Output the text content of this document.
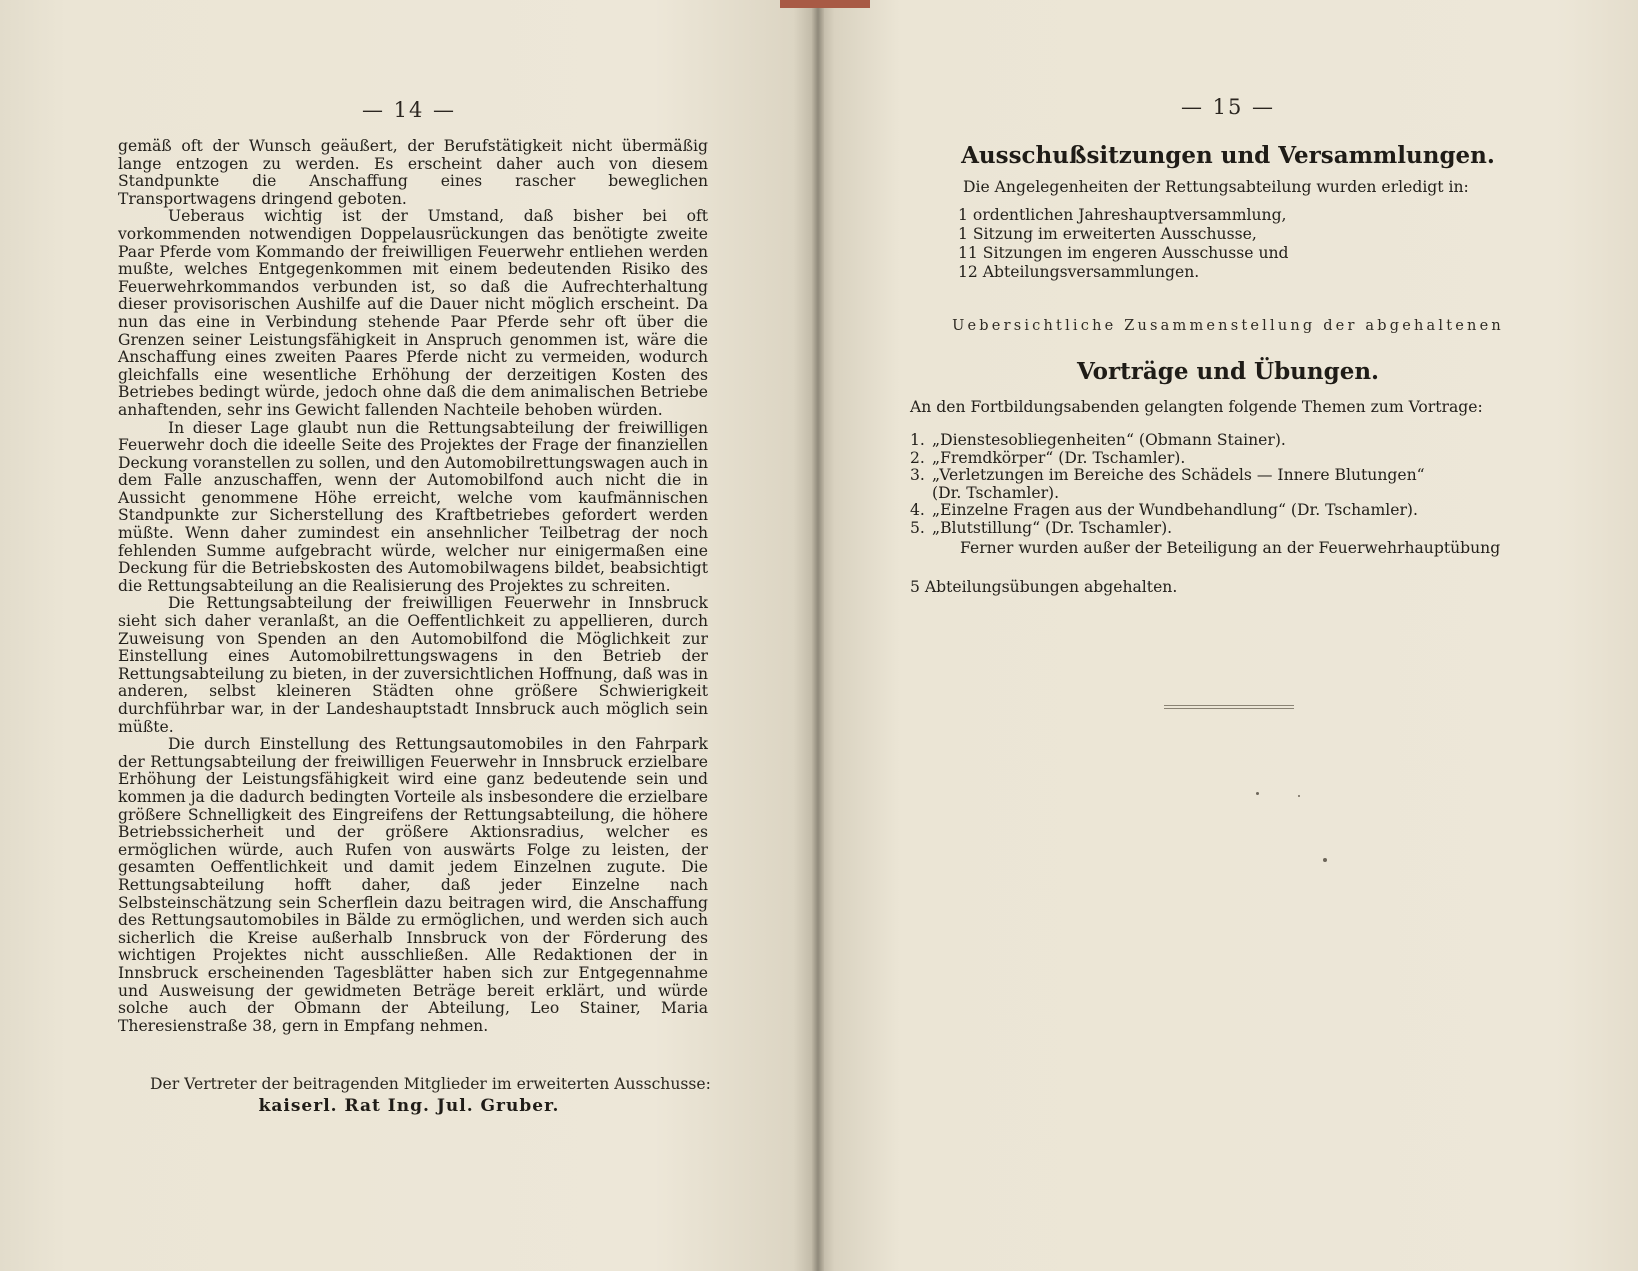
— 14 —

gemäß oft der Wunsch geäußert, der Berufstätigkeit nicht übermäßig lange entzogen zu werden. Es erscheint daher auch von diesem Standpunkte die Anschaffung eines rascher beweglichen Transportwagens dringend geboten.

Ueberaus wichtig ist der Umstand, daß bisher bei oft vorkommenden notwendigen Doppelausrückungen das benötigte zweite Paar Pferde vom Kommando der freiwilligen Feuerwehr entliehen werden mußte, welches Entgegenkommen mit einem bedeutenden Risiko des Feuerwehrkommandos verbunden ist, so daß die Aufrechterhaltung dieser provisorischen Aushilfe auf die Dauer nicht möglich erscheint. Da nun das eine in Verbindung stehende Paar Pferde sehr oft über die Grenzen seiner Leistungsfähigkeit in Anspruch genommen ist, wäre die Anschaffung eines zweiten Paares Pferde nicht zu vermeiden, wodurch gleichfalls eine wesentliche Erhöhung der derzeitigen Kosten des Betriebes bedingt würde, jedoch ohne daß die dem animalischen Betriebe anhaftenden, sehr ins Gewicht fallenden Nachteile behoben würden.

In dieser Lage glaubt nun die Rettungsabteilung der freiwilligen Feuerwehr doch die ideelle Seite des Projektes der Frage der finanziellen Deckung voranstellen zu sollen, und den Automobilrettungswagen auch in dem Falle anzuschaffen, wenn der Automobilfond auch nicht die in Aussicht genommene Höhe erreicht, welche vom kaufmännischen Standpunkte zur Sicherstellung des Kraftbetriebes gefordert werden müßte. Wenn daher zumindest ein ansehnlicher Teilbetrag der noch fehlenden Summe aufgebracht würde, welcher nur einigermaßen eine Deckung für die Betriebskosten des Automobilwagens bildet, beabsichtigt die Rettungsabteilung an die Realisierung des Projektes zu schreiten.

Die Rettungsabteilung der freiwilligen Feuerwehr in Innsbruck sieht sich daher veranlaßt, an die Oeffentlichkeit zu appellieren, durch Zuweisung von Spenden an den Automobilfond die Möglichkeit zur Einstellung eines Automobilrettungswagens in den Betrieb der Rettungsabteilung zu bieten, in der zuversichtlichen Hoffnung, daß was in anderen, selbst kleineren Städten ohne größere Schwierigkeit durchführbar war, in der Landeshauptstadt Innsbruck auch möglich sein müßte.

Die durch Einstellung des Rettungsautomobiles in den Fahrpark der Rettungsabteilung der freiwilligen Feuerwehr in Innsbruck erzielbare Erhöhung der Leistungsfähigkeit wird eine ganz bedeutende sein und kommen ja die dadurch bedingten Vorteile als insbesondere die erzielbare größere Schnelligkeit des Eingreifens der Rettungsabteilung, die höhere Betriebssicherheit und der größere Aktionsradius, welcher es ermöglichen würde, auch Rufen von auswärts Folge zu leisten, der gesamten Oeffentlichkeit und damit jedem Einzelnen zugute. Die Rettungsabteilung hofft daher, daß jeder Einzelne nach Selbsteinschätzung sein Scherflein dazu beitragen wird, die Anschaffung des Rettungsautomobiles in Bälde zu ermöglichen, und werden sich auch sicherlich die Kreise außerhalb Innsbruck von der Förderung des wichtigen Projektes nicht ausschließen. Alle Redaktionen der in Innsbruck erscheinenden Tagesblätter haben sich zur Entgegennahme und Ausweisung der gewidmeten Beträge bereit erklärt, und würde solche auch der Obmann der Abteilung, Leo Stainer, Maria Theresienstraße 38, gern in Empfang nehmen.

Der Vertreter der beitragenden Mitglieder im erweiterten Ausschusse:
kaiserl. Rat Ing. Jul. Gruber.
— 15 —
Ausschußsitzungen und Versammlungen.
Die Angelegenheiten der Rettungsabteilung wurden erledigt in:
1 ordentlichen Jahreshauptversammlung,
1 Sitzung im erweiterten Ausschusse,
11 Sitzungen im engeren Ausschusse und
12 Abteilungsversammlungen.
Uebersichtliche Zusammenstellung der abgehaltenen
Vorträge und Übungen.
An den Fortbildungsabenden gelangten folgende Themen zum Vortrage:
1. „Dienstesobliegenheiten“ (Obmann Stainer).
2. „Fremdkörper“ (Dr. Tschamler).
3. „Verletzungen im Bereiche des Schädels — Innere Blutungen“
(Dr. Tschamler).
4. „Einzelne Fragen aus der Wundbehandlung“ (Dr. Tschamler).
5. „Blutstillung“ (Dr. Tschamler).
Ferner wurden außer der Beteiligung an der Feuerwehrhauptübung
5 Abteilungsübungen abgehalten.
